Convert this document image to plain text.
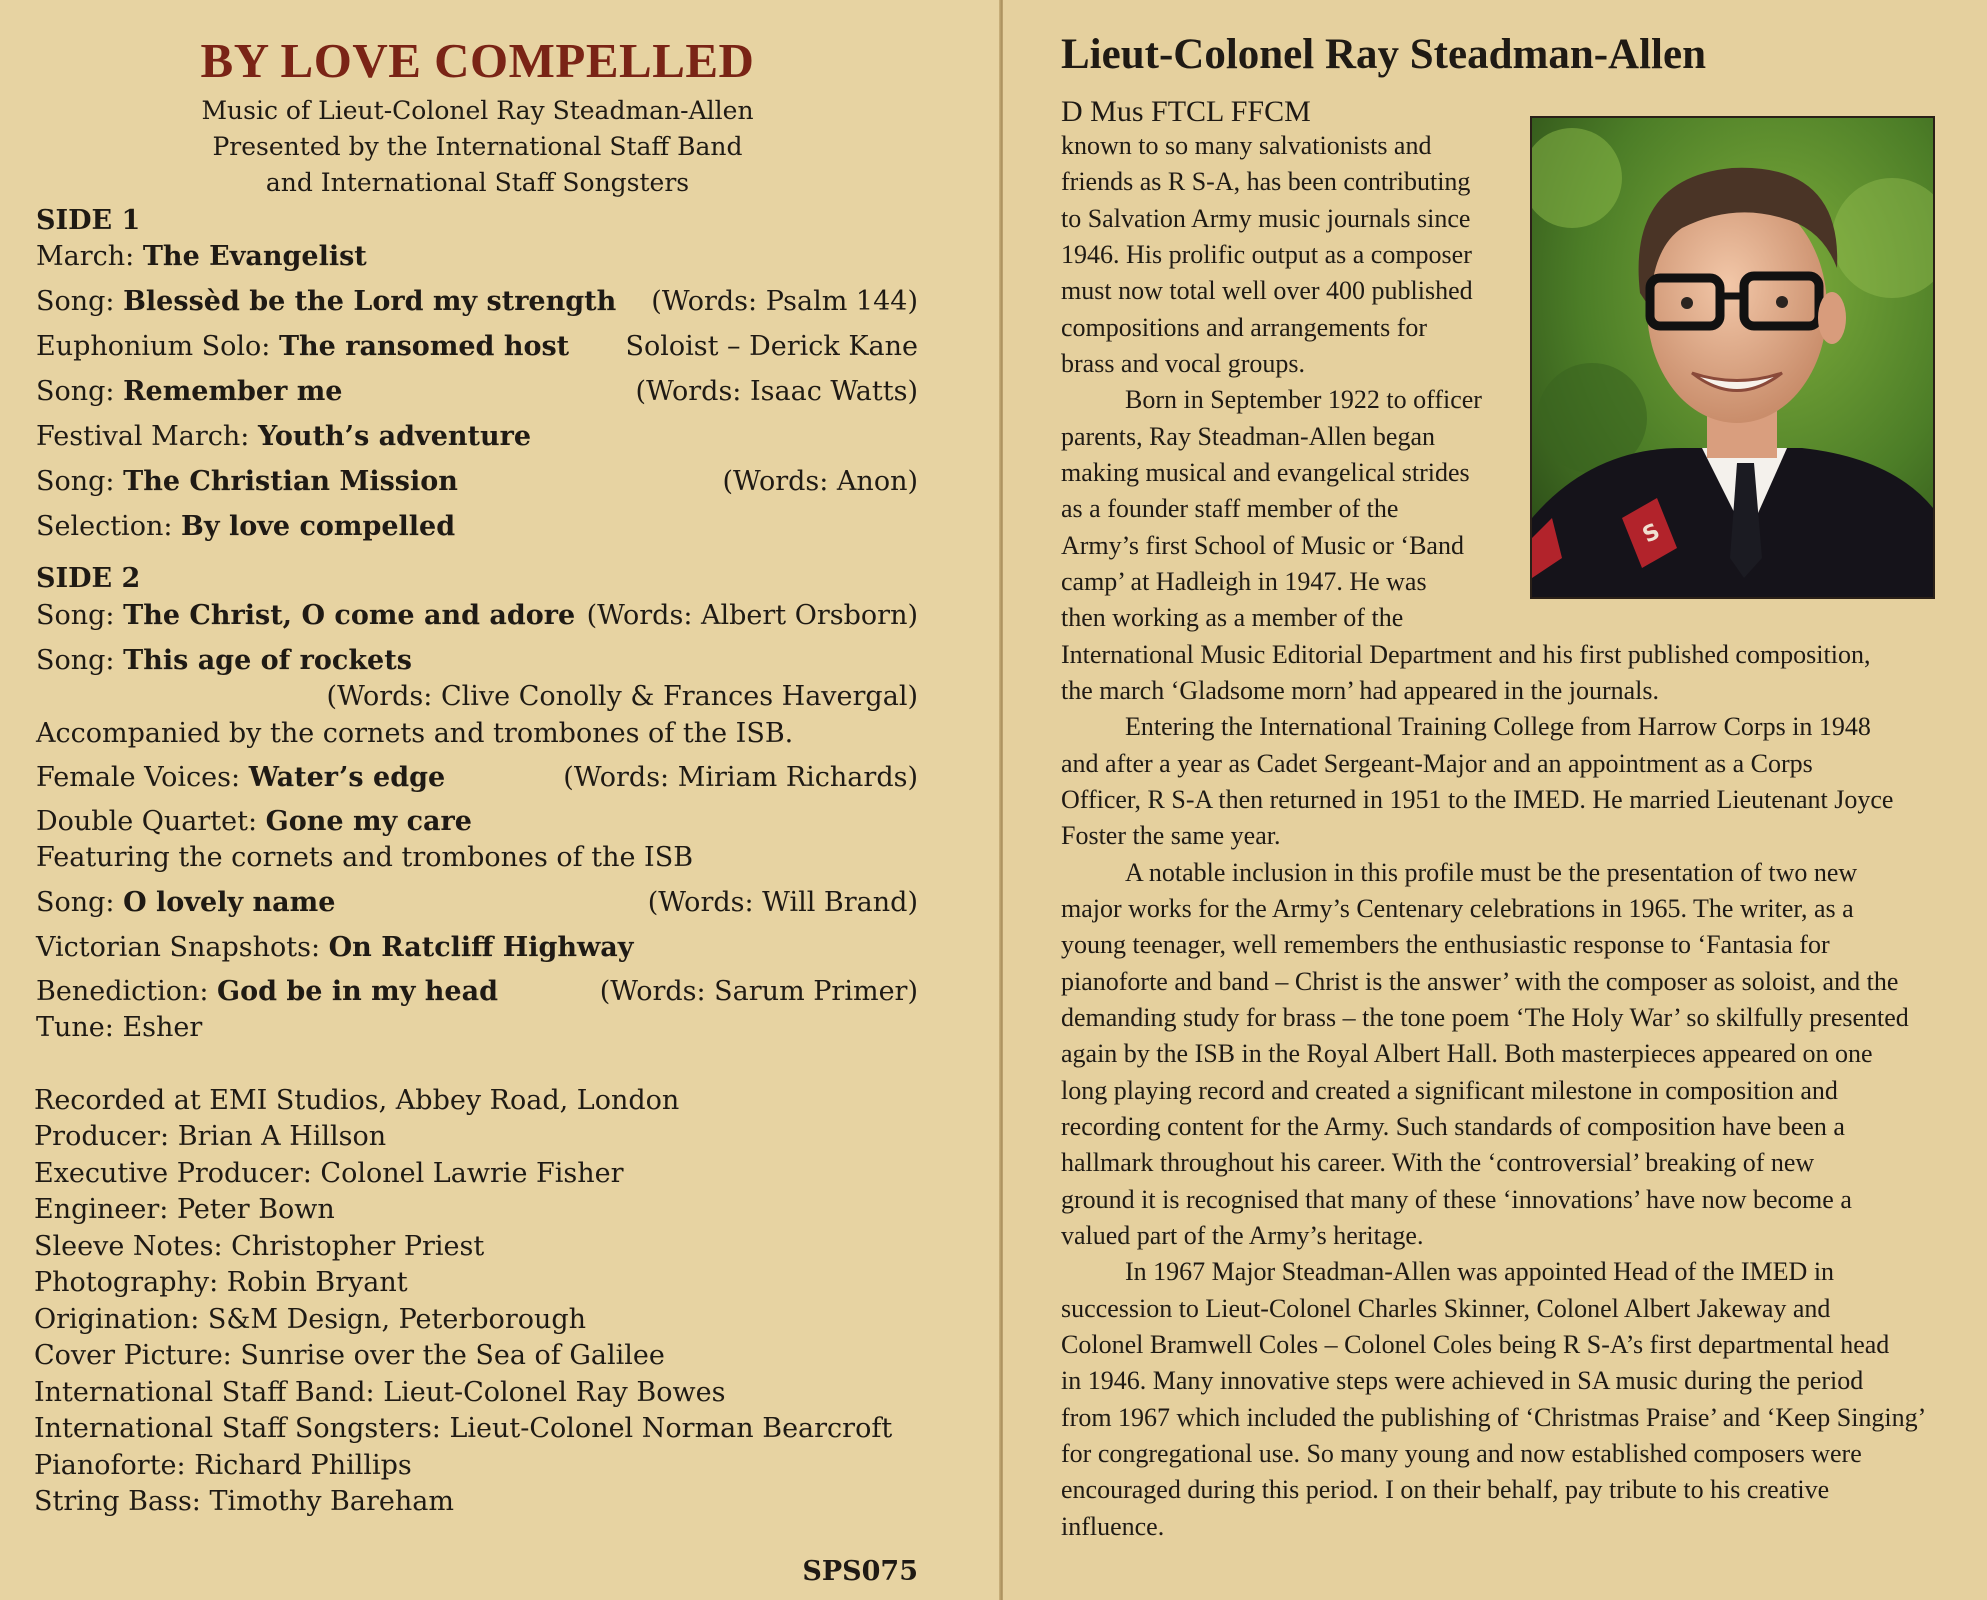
BY LOVE COMPELLED
Music of Lieut-Colonel Ray Steadman-Allen
Presented by the International Staff Band
and International Staff Songsters
SIDE 1
March: The Evangelist
Song: Blessèd be the Lord my strength (Words: Psalm 144)
Euphonium Solo: The ransomed host Soloist – Derick Kane
Song: Remember me	(Words: Isaac Watts)
Festival March: Youth’s adventure
Song: The Christian Mission	(Words: Anon)
Selection: By love compelled
SIDE 2
Song: The Christ, O come and adore (Words: Albert Orsborn)
Song: This age of rockets
(Words: Clive Conolly & Frances Havergal)
Accompanied by the cornets and trombones of the ISB.
Female Voices: Water’s edge	(Words: Miriam Richards)
Double Quartet: Gone my care
Featuring the cornets and trombones of the ISB
Song: O lovely name	(Words: Will Brand)
Victorian Snapshots: On Ratcliff Highway
Benediction: God be in my head	(Words: Sarum Primer)
Tune: Esher
Recorded at EMI Studios, Abbey Road, London
Producer: Brian A Hillson
Executive Producer: Colonel Lawrie Fisher
Engineer: Peter Bown
Sleeve Notes: Christopher Priest
Photography: Robin Bryant
Origination: S&M Design, Peterborough
Cover Picture: Sunrise over the Sea of Galilee
International Staff Band: Lieut-Colonel Ray Bowes
International Staff Songsters: Lieut-Colonel Norman Bearcroft
Pianoforte: Richard Phillips
String Bass: Timothy Bareham
SPS075
Lieut-Colonel Ray Steadman-Allen
D Mus FTCL FFCM
S
known to so many salvationists and
friends as R S-A, has been contributing
to Salvation Army music journals since
1946. His prolific output as a composer
must now total well over 400 published
compositions and arrangements for
brass and vocal groups.
Born in September 1922 to officer
parents, Ray Steadman-Allen began
making musical and evangelical strides
as a founder staff member of the
Army’s first School of Music or ‘Band
camp’ at Hadleigh in 1947. He was
then working as a member of the
International Music Editorial Department and his first published composition,
the march ‘Gladsome morn’ had appeared in the journals.
Entering the International Training College from Harrow Corps in 1948
and after a year as Cadet Sergeant-Major and an appointment as a Corps
Officer, R S-A then returned in 1951 to the IMED. He married Lieutenant Joyce
Foster the same year.
A notable inclusion in this profile must be the presentation of two new
major works for the Army’s Centenary celebrations in 1965. The writer, as a
young teenager, well remembers the enthusiastic response to ‘Fantasia for
pianoforte and band – Christ is the answer’ with the composer as soloist, and the
demanding study for brass – the tone poem ‘The Holy War’ so skilfully presented
again by the ISB in the Royal Albert Hall. Both masterpieces appeared on one
long playing record and created a significant milestone in composition and
recording content for the Army. Such standards of composition have been a
hallmark throughout his career. With the ‘controversial’ breaking of new
ground it is recognised that many of these ‘innovations’ have now become a
valued part of the Army’s heritage.
In 1967 Major Steadman-Allen was appointed Head of the IMED in
succession to Lieut-Colonel Charles Skinner, Colonel Albert Jakeway and
Colonel Bramwell Coles – Colonel Coles being R S-A’s first departmental head
in 1946. Many innovative steps were achieved in SA music during the period
from 1967 which included the publishing of ‘Christmas Praise’ and ‘Keep Singing’
for congregational use. So many young and now established composers were
encouraged during this period. I on their behalf, pay tribute to his creative
influence.
